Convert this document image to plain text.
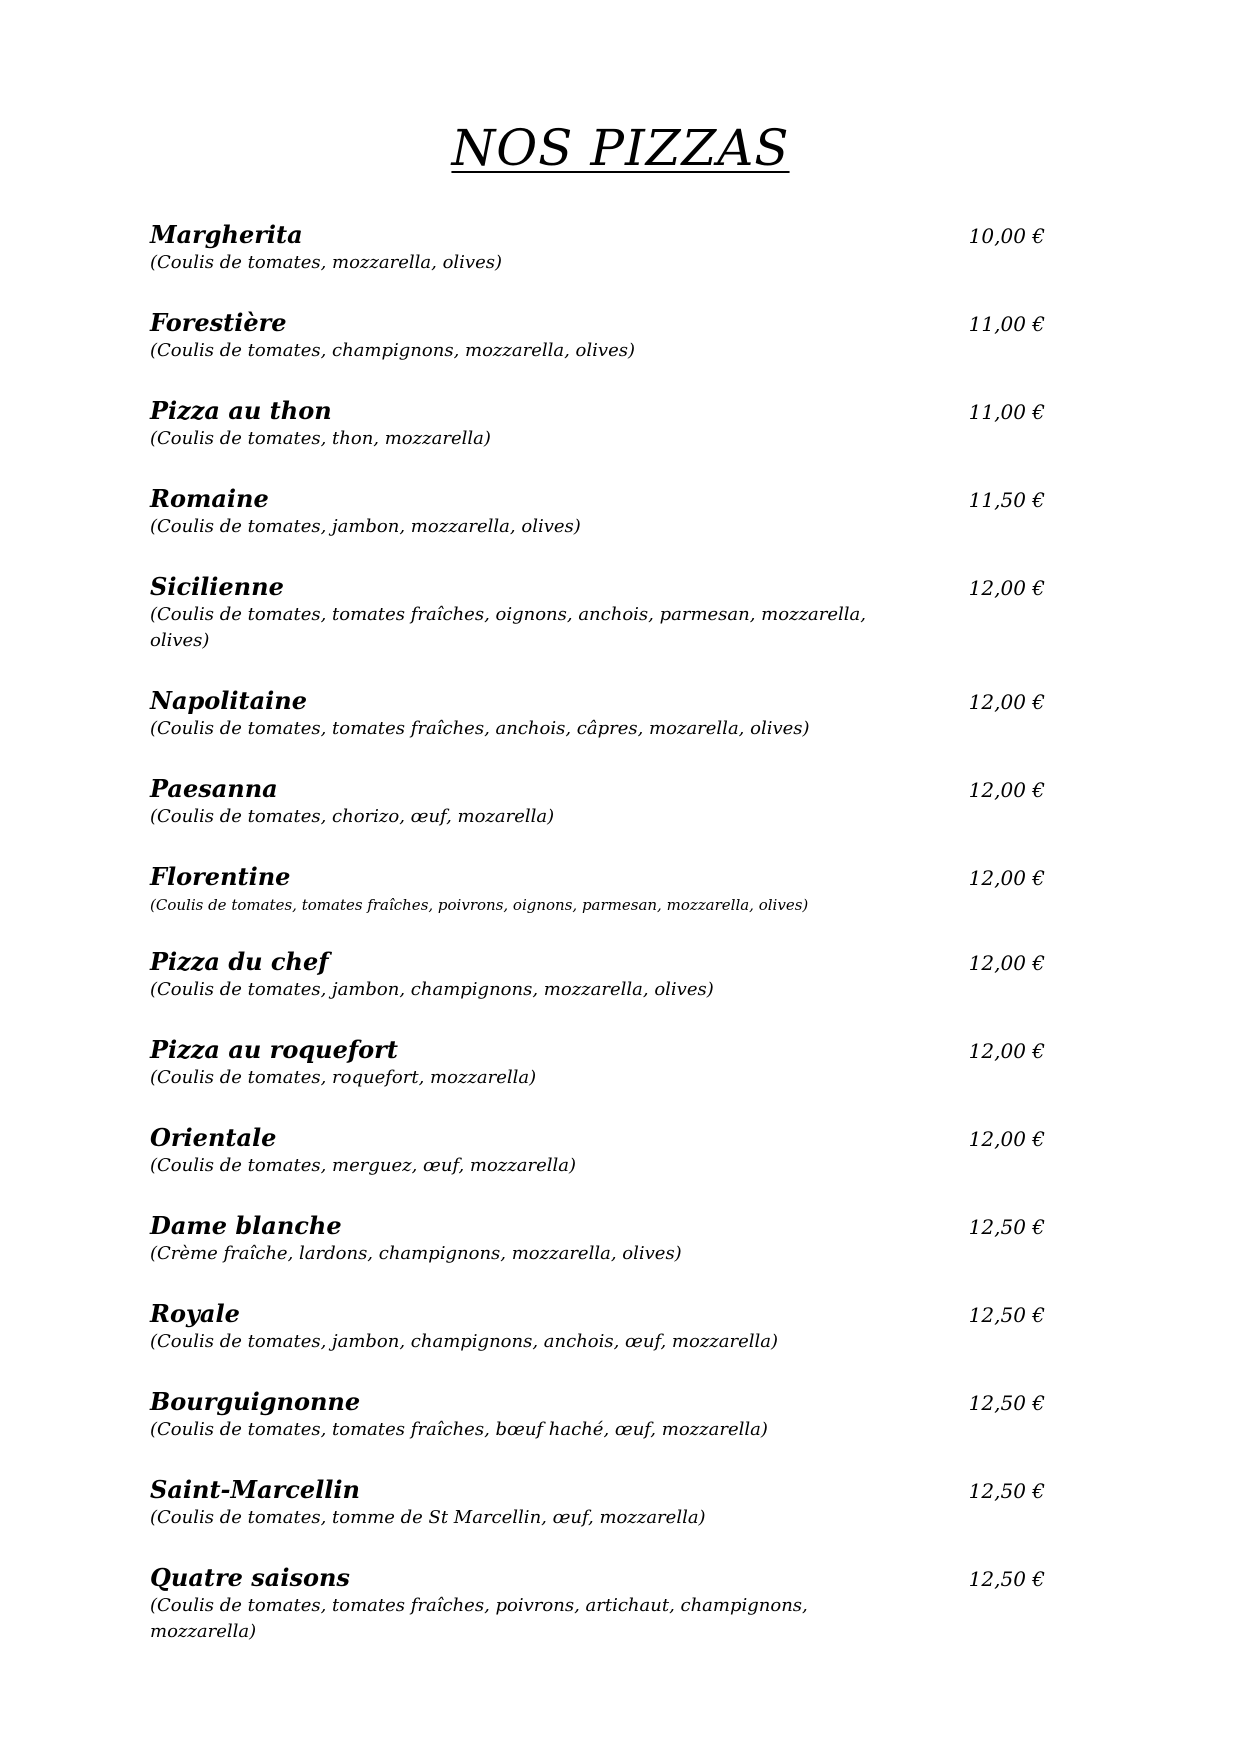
NOS PIZZAS
Margherita	10,00 €
(Coulis de tomates, mozzarella, olives)
Forestière	11,00 €
(Coulis de tomates, champignons, mozzarella, olives)
Pizza au thon	11,00 €
(Coulis de tomates, thon, mozzarella)
Romaine	11,50 €
(Coulis de tomates, jambon, mozzarella, olives)
Sicilienne	12,00 €
(Coulis de tomates, tomates fraîches, oignons, anchois, parmesan, mozzarella, olives)
Napolitaine	12,00 €
(Coulis de tomates, tomates fraîches, anchois, câpres, mozarella, olives)
Paesanna	12,00 €
(Coulis de tomates, chorizo, œuf, mozarella)
Florentine	12,00 €
(Coulis de tomates, tomates fraîches, poivrons, oignons, parmesan, mozzarella, olives)
Pizza du chef	12,00 €
(Coulis de tomates, jambon, champignons, mozzarella, olives)
Pizza au roquefort	12,00 €
(Coulis de tomates, roquefort, mozzarella)
Orientale	12,00 €
(Coulis de tomates, merguez, œuf, mozzarella)
Dame blanche	12,50 €
(Crème fraîche, lardons, champignons, mozzarella, olives)
Royale	12,50 €
(Coulis de tomates, jambon, champignons, anchois, œuf, mozzarella)
Bourguignonne	12,50 €
(Coulis de tomates, tomates fraîches, bœuf haché, œuf, mozzarella)
Saint-Marcellin	12,50 €
(Coulis de tomates, tomme de St Marcellin, œuf, mozzarella)
Quatre saisons	12,50 €
(Coulis de tomates, tomates fraîches, poivrons, artichaut, champignons, mozzarella)
